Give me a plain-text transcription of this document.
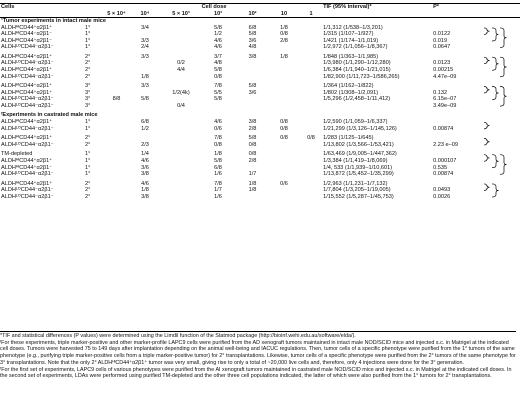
Cells		Cell dose							TIF (95% interval)*	P*	
		5 × 10⁴	10⁴	5 × 10³	10³	10²	10	1			
¹Tumor experiments in intact male mice											
ALDHᴴᴵCD44⁺α2β1⁺	1°		3/4		5/8	6/8	1/8		1/1,312 (1/538–1/3,201)		
ALDHᴴᴵCD44⁻α2β1⁻	1°				1/2	5/8	0/8		1/315 (1/107–1/927)	0.0122	
ALDHᴴᴵCD44⁺α2β1⁻	1°		3/3		4/6	3/6	2/8		1/421 (1/174–1/1,019)	0.019	
ALDHᴸᴼCD44⁻α2β1⁻	1°		2/4		4/6	4/8			1/2,972 (1/1,056–1/8,367)	0.0647	

ALDHᴴᴵCD44⁺α2β1⁺	2°		3/3		3/7	3/8	1/8		1/848 (1/363–1/1,985)		
ALDHᴸᴼCD44⁻α2β1⁻	2°			0/2	4/8				1/3,980 (1/1,290–1/12,280)	0.0123	
ALDHᴴᴵCD44⁺α2β1⁺	2°			4/4	5/8				1/6,384 (1/1,940–1/21,015)	0.00215	
ALDHᴸᴼCD44⁻α2β1⁻	2°		1/8		0/8				1/82,900 (1/11,723–1/586,265)	4.47e–09	

ALDHᴴᴵCD44⁺α2β1⁺	3°		3/3		7/8	5/8			1/364 (1/162–1/822)		
ALDHᴴᴵCD44⁺α2β1⁺	3°			1/2(4k)	5/5	3/6			1/802 (1/308–1/2,091)	0.132	
ALDHᴸᴼCD44⁻α2β1⁻	3°	8/8	5/8		5/8				1/5,296 (1/2,458–1/11,412)	6.15e–07	
ALDHᴸᴼCD44⁻α2β1⁻	3°			0/4						3.49e–09	

ᶠExperiments in castrated male mice											
ALDHᴴᴵCD44⁺α2β1⁺	1°		6/8		4/6	3/8	0/8		1/2,590 (1/1,059–1/6,337)		
ALDHᴸᴼCD44⁻α2β1⁻	1°		1/2		0/6	2/8	0/8		1/21,299 (1/3,126–1/145,126)	0.00874	

ALDHᴴᴵCD44⁺α2β1⁺	2°				7/8	5/8	0/8	0/8	1/283 (1/125–1/645)		
ALDHᴸᴼCD44⁻α2β1⁻	2°		2/3		0/8	0/8			1/13,802 (1/3,566–1/53,421)	2.23 e–09	

TM-depleted	1°		1/4		1/8	0/8			1/63,469 (1/9,005–1/447,362)		
ALDHᴴᴵCD44⁺α2β1⁺	1°		4/6		5/8	2/8			1/3,384 (1/1,419–1/8,069)	0.000107	
ALDHᴴᴵCD44⁺α2β1⁻	1°		3/6		6/8				1/4, 533 (1/1,939–1/10,601)	0.535	
ALDHᴸᴼCD44⁻α2β1⁻	1°		3/8		1/6	1/7			1/13,872 (1/5,452–1/35,299)	0.00874	

ALDHᴴᴵCD44⁺α2β1⁺	2°		4/6		7/8	1/8	0/6		1/2,963 (1/1,231–1/7,132)		
ALDHᴸᴼCD44⁻α2β1⁻	2°		1/8		1/7	1/8			1/7,804 (1/3,205–1/19,005)	0.0493	
ALDHᴸᴼCD44⁻α2β1⁻	2°		3/8		1/6				1/15,552 (1/5,287–1/45,753)	0.0026	

*TIF and statistical differences (P values) were determined using the Limdil function of the Statmod package (http://bioinf.wehi.edu.au/software/elda/).

ᵗFor these experiments, triple marker-positive and other marker-profile LAPC9 cells were purified from the AD xenograft tumors maintained in intact male NOD/SCID mice and injected s.c. in Matrigel at the indicated cell doses. Tumors were harvested 75 to 149 days after implantation depending on the animal well-being and IACUC regulations. Then, tumor cells of a specific phenotype were purified from the 1° tumors of the same phenotype (e.g., purifying triple marker-positive cells from a triple marker-positive tumor) for 2° transplantations. Likewise, tumor cells of a specific phenotype were purified from the 2° tumors of the same phenotype for 3° transplantations. Note that the only 2° ALDHᴴᴵCD44⁺α2β1⁺ tumor was very small, giving rise to only a total of ~20,000 live cells and, therefore, only 4 injections were done for the 3° generation.

ᶠFor the first set of experiments, LAPC9 cells of various phenotypes were purified from the AI xenograft tumors maintained in castrated male NOD/SCID mice and injected s.c. in Matrigel at the indicated cell doses. In the second set of experiments, LDAs were performed using purified TM-depleted and the other three cell populations indicated, the latter of which were also purified from the 1° tumors for 2° transplantations.
